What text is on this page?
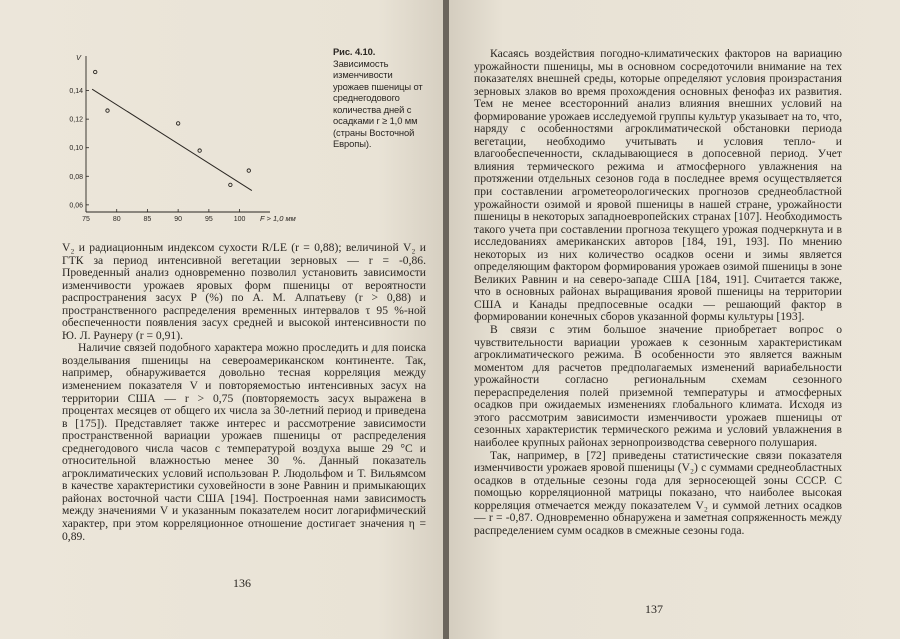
0,06
0,08
0,10
0,12
0,14
75	80	85	90	95	100
V
F > 1,0 мм
Рис. 4.10. Зависимость изменчивости урожаев пшеницы от среднегодового количества дней с осадками r ≥ 1,0 мм (страны Восточной Европы).

V₂ и радиационным индексом сухости R/LE (r = 0,88); величиной V₂ и ГТК за период интенсивной вегетации зерновых — r = -0,86. Проведенный анализ одновременно позволил установить зависимости изменчивости урожаев яровых форм пшеницы от вероятности распространения засух P (%) по А. М. Алпатьеву (r > 0,88) и пространственного распределения временных интервалов τ 95 %-ной обеспеченности появления засух средней и высокой интенсивности по Ю. Л. Раунеру (r = 0,91).

Наличие связей подобного характера можно проследить и для поиска возделывания пшеницы на североамериканском континенте. Так, например, обнаруживается довольно тесная корреляция между изменением показателя V и повторяемостью интенсивных засух на территории США — r > 0,75 (повторяемость засух выражена в процентах месяцев от общего их числа за 30-летний период и приведена в [175]). Представляет также интерес и рассмотрение зависимости пространственной вариации урожаев пшеницы от распределения среднегодового числа часов с температурой воздуха выше 29 °С и относительной влажностью менее 30 %. Данный показатель агроклиматических условий использован Р. Людольфом и Т. Вильямсом в качестве характеристики суховейности в зоне Равнин и примыкающих районах восточной части США [194]. Построенная нами зависимость между значениями V и указанным показателем носит логарифмический характер, при этом корреляционное отношение достигает значения η = 0,89.

136

Касаясь воздействия погодно-климатических факторов на вариацию урожайности пшеницы, мы в основном сосредоточили внимание на тех показателях внешней среды, которые определяют условия произрастания зерновых злаков во время прохождения основных фенофаз их развития. Тем не менее всесторонний анализ влияния внешних условий на формирование урожаев исследуемой группы культур указывает на то, что, наряду с особенностями агроклиматической обстановки периода вегетации, необходимо учитывать и условия тепло- и влагообеспеченности, складывающиеся в допосевной период. Учет влияния термического режима и атмосферного увлажнения на протяжении отдельных сезонов года в последнее время осуществляется при составлении агрометеорологических прогнозов среднеобластной урожайности озимой и яровой пшеницы в нашей стране, урожайности пшеницы в некоторых западноевропейских странах [107]. Необходимость такого учета при составлении прогноза текущего урожая подчеркнута и в исследованиях американских авторов [184, 191, 193]. По мнению некоторых из них количество осадков осени и зимы является определяющим фактором формирования урожаев озимой пшеницы в зоне Великих Равнин и на северо-западе США [184, 191]. Считается также, что в основных районах выращивания яровой пшеницы на территории США и Канады предпосевные осадки — решающий фактор в формировании конечных сборов указанной формы культуры [193].

В связи с этим большое значение приобретает вопрос о чувствительности вариации урожаев к сезонным характеристикам агроклиматического режима. В особенности это является важным моментом для расчетов предполагаемых изменений вариабельности урожайности согласно региональным схемам сезонного перераспределения полей приземной температуры и атмосферных осадков при ожидаемых изменениях глобального климата. Исходя из этого рассмотрим зависимости изменчивости урожаев пшеницы от сезонных характеристик термического режима и условий увлажнения в наиболее крупных районах зернопроизводства северного полушария.

Так, например, в [72] приведены статистические связи показателя изменчивости урожаев яровой пшеницы (V₂) с суммами среднеобластных осадков в отдельные сезоны года для зерносеющей зоны СССР. С помощью корреляционной матрицы показано, что наиболее высокая корреляция отмечается между показателем V₂ и суммой летних осадков — r = -0,87. Одновременно обнаружена и заметная сопряженность между распределением сумм осадков в смежные сезоны года.

137
